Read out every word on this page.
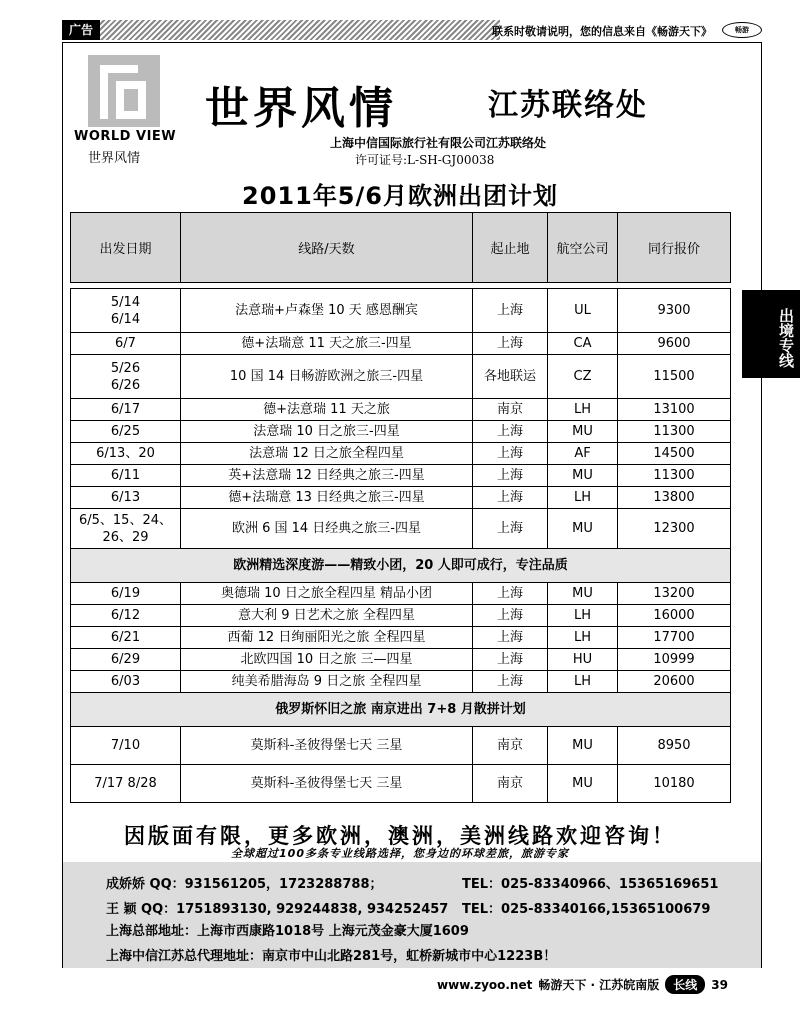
广告	联系时敬请说明，您的信息来自《畅游天下》	畅游
WORLD VIEW
世界风情
世界风情	江苏联络处
上海中信国际旅行社有限公司江苏联络处
许可证号:L-SH-GJ00038
2011年5/6月欧洲出团计划
出境专线
出发日期	线路/天数	起止地	航空公司	同行报价

5/14
6/14	法意瑞+卢森堡 10 天 感恩酬宾	上海	UL	9300
6/7	德+法瑞意 11 天之旅三-四星	上海	CA	9600
5/26
6/26	10 国 14 日畅游欧洲之旅三-四星	各地联运	CZ	11500
6/17	德+法意瑞 11 天之旅	南京	LH	13100
6/25	法意瑞 10 日之旅三-四星	上海	MU	11300
6/13、20	法意瑞 12 日之旅全程四星	上海	AF	14500
6/11	英+法意瑞 12 日经典之旅三-四星	上海	MU	11300
6/13	德+法瑞意 13 日经典之旅三-四星	上海	LH	13800
6/5、15、24、
26、29	欧洲 6 国 14 日经典之旅三-四星	上海	MU	12300
欧洲精选深度游——精致小团，20 人即可成行，专注品质				
6/19	奥德瑞 10 日之旅全程四星 精品小团	上海	MU	13200
6/12	意大利 9 日艺术之旅 全程四星	上海	LH	16000
6/21	西葡 12 日绚丽阳光之旅 全程四星	上海	LH	17700
6/29	北欧四国 10 日之旅 三—四星	上海	HU	10999
6/03	纯美希腊海岛 9 日之旅 全程四星	上海	LH	20600
俄罗斯怀旧之旅 南京进出 7+8 月散拼计划				
7/10	莫斯科-圣彼得堡七天 三星	南京	MU	8950
7/17 8/28	莫斯科-圣彼得堡七天 三星	南京	MU	10180
因版面有限，更多欧洲，澳洲，美洲线路欢迎咨询！
全球超过100多条专业线路选择，您身边的环球差旅，旅游专家
成娇娇 QQ：931561205，1723288788；	TEL：025-83340966、15365169651
王 颖 QQ：1751893130, 929244838, 934252457 TEL：025-83340166,15365100679
上海总部地址：上海市西康路1018号 上海元茂金豪大厦1609
上海中信江苏总代理地址：南京市中山北路281号，虹桥新城市中心1223B！
www.zyoo.net 畅游天下 · 江苏皖南版	长线	39
